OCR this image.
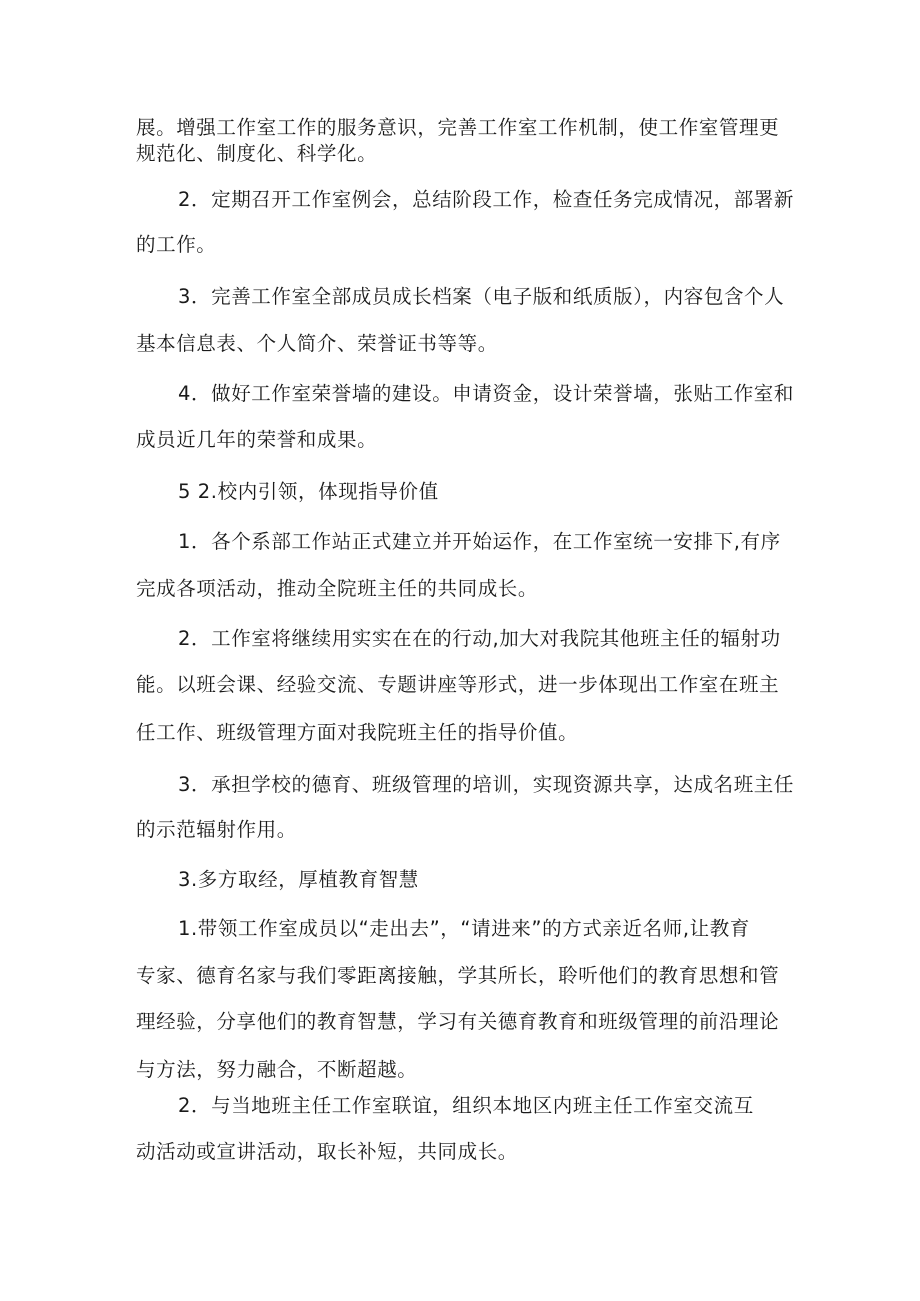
展。增强工作室工作的服务意识，完善工作室工作机制，使工作室管理更
规范化、制度化、科学化。
2．定期召开工作室例会，总结阶段工作，检查任务完成情况，部署新
的工作。
3．完善工作室全部成员成长档案（电子版和纸质版），内容包含个人
基本信息表、个人简介、荣誉证书等等。
4．做好工作室荣誉墙的建设。申请资金，设计荣誉墙，张贴工作室和
成员近几年的荣誉和成果。
5 2.校内引领，体现指导价值
1．各个系部工作站正式建立并开始运作，在工作室统一安排下,有序
完成各项活动，推动全院班主任的共同成长。
2．工作室将继续用实实在在的行动,加大对我院其他班主任的辐射功
能。以班会课、经验交流、专题讲座等形式，进一步体现出工作室在班主
任工作、班级管理方面对我院班主任的指导价值。
3．承担学校的德育、班级管理的培训，实现资源共享，达成名班主任
的示范辐射作用。
3.多方取经，厚植教育智慧
1.带领工作室成员以“走出去”，“请进来”的方式亲近名师,让教育
专家、德育名家与我们零距离接触，学其所长，聆听他们的教育思想和管
理经验，分享他们的教育智慧，学习有关德育教育和班级管理的前沿理论
与方法，努力融合，不断超越。
2．与当地班主任工作室联谊，组织本地区内班主任工作室交流互
动活动或宣讲活动，取长补短，共同成长。
